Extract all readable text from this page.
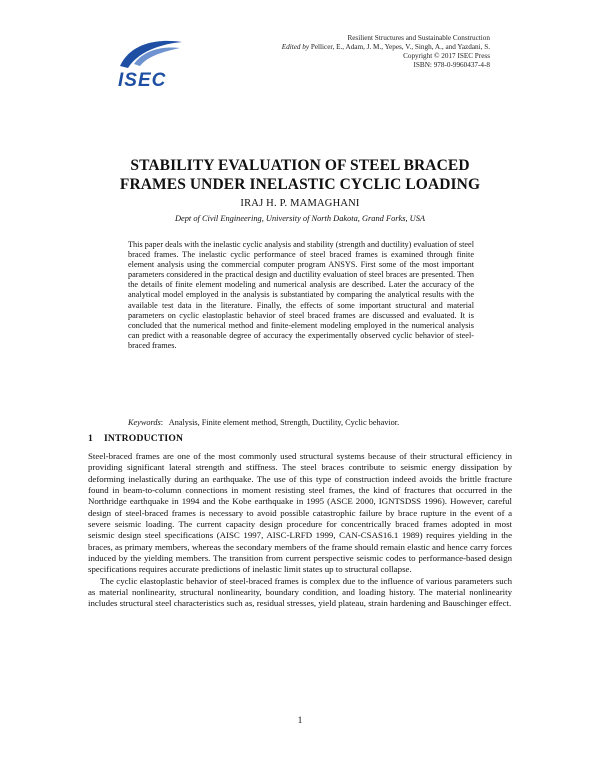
ISEC
Resilient Structures and Sustainable Construction
Edited by Pellicer, E., Adam, J. M., Yepes, V., Singh, A., and Yazdani, S.
Copyright © 2017 ISEC Press
ISBN: 978-0-9960437-4-8
STABILITY EVALUATION OF STEEL BRACED
FRAMES UNDER INELASTIC CYCLIC LOADING
IRAJ H. P. MAMAGHANI
Dept of Civil Engineering, University of North Dakota, Grand Forks, USA
This paper deals with the inelastic cyclic analysis and stability (strength and ductility) evaluation of steel braced frames. The inelastic cyclic performance of steel braced frames is examined through finite element analysis using the commercial computer program ANSYS. First some of the most important parameters considered in the practical design and ductility evaluation of steel braces are presented. Then the details of finite element modeling and numerical analysis are described. Later the accuracy of the analytical model employed in the analysis is substantiated by comparing the analytical results with the available test data in the literature. Finally, the effects of some important structural and material parameters on cyclic elastoplastic behavior of steel braced frames are discussed and evaluated. It is concluded that the numerical method and finite-element modeling employed in the numerical analysis can predict with a reasonable degree of accuracy the experimentally observed cyclic behavior of steel-braced frames.
Keywords:   Analysis, Finite element method, Strength, Ductility, Cyclic behavior.
1 INTRODUCTION

Steel-braced frames are one of the most commonly used structural systems because of their structural efficiency in providing significant lateral strength and stiffness. The steel braces contribute to seismic energy dissipation by deforming inelastically during an earthquake. The use of this type of construction indeed avoids the brittle fracture found in beam-to-column connections in moment resisting steel frames, the kind of fractures that occurred in the Northridge earthquake in 1994 and the Kobe earthquake in 1995 (ASCE 2000, IGNTSDSS 1996). However, careful design of steel-braced frames is necessary to avoid possible catastrophic failure by brace rupture in the event of a severe seismic loading. The current capacity design procedure for concentrically braced frames adopted in most seismic design steel specifications (AISC 1997, AISC-LRFD 1999, CAN-CSAS16.1 1989) requires yielding in the braces, as primary members, whereas the secondary members of the frame should remain elastic and hence carry forces induced by the yielding members. The transition from current perspective seismic codes to performance-based design specifications requires accurate predictions of inelastic limit states up to structural collapse.

The cyclic elastoplastic behavior of steel-braced frames is complex due to the influence of various parameters such as material nonlinearity, structural nonlinearity, boundary condition, and loading history. The material nonlinearity includes structural steel characteristics such as, residual stresses, yield plateau, strain hardening and Bauschinger effect.

1
